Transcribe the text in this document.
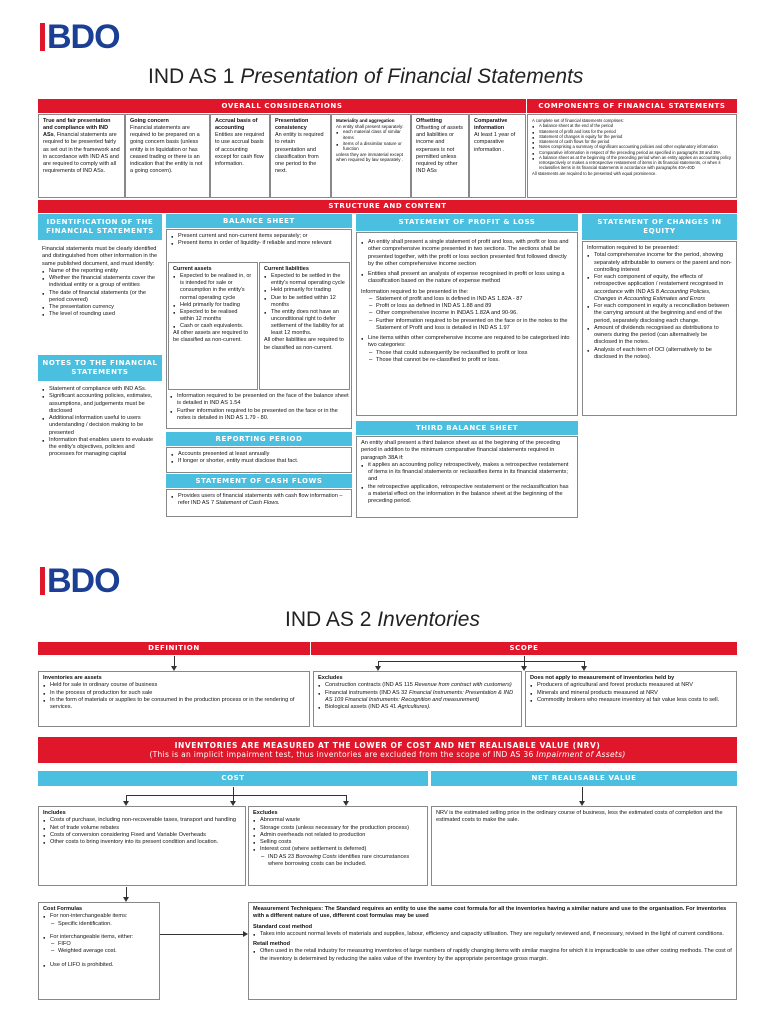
BDO
IND AS 1 Presentation of Financial Statements
OVERALL CONSIDERATIONS	COMPONENTS OF FINANCIAL STATEMENTS
True and fair presentation and compliance with IND ASs, Financial statements are required to be presented fairly as set out in the framework and in accordance with IND AS and are required to comply with all requirements of IND ASs.
Going concern
Financial statements are required to be prepared on a going concern basis (unless entity is in liquidation or has ceased trading or there is an indication that the entity is not a going concern).
Accrual basis of accounting
Entities are required to use accrual basis of accounting except for cash flow information.
Presentation consistency
An entity is required to retain presentation and classification from one period to the next.
Materiality and aggregation
An entity shall present separately:
● each material class of similar items
● items of a dissimilar nature or function
unless they are immaterial except when required by law separately .
Offsetting
Offsetting of assets and liabilities or income and expenses is not permitted unless required by other IND ASs
Comparative information
At least 1 year of comparative information .
A complete set of financial statements comprises:
● A balance sheet at the end of the period
● Statement of profit and loss for the period
● Statement of changes in equity for the period
● Statement of cash flows for the period
● Notes comprising a summary of significant accounting policies and other explanatory information
● Comparative information in respect of the preceding period as specified in paragraphs 38 and 38A
● A balance sheet as at the beginning of the preceding period when an entity applies an accounting policy retrospectively or makes a retrospective restatement of items in its financial statements, or when it reclassifies items in its financial statements in accordance with paragraphs 40A-40D
All statements are required to be presented with equal prominence.
STRUCTURE AND CONTENT
IDENTIFICATION OF THE FINANCIAL STATEMENTS
Financial statements must be clearly identified and distinguished from other information in the same published document, and must identify:
● Name of the reporting entity
● Whether the financial statements cover the individual entity or a group of entities
● The date of financial statements (or the period covered)
● The presentation currency
● The level of rounding used
NOTES TO THE FINANCIAL STATEMENTS
● Statement of compliance with IND ASs.
● Significant accounting policies, estimates, assumptions, and judgements must be disclosed
● Additional information useful to users understanding / decision making to be presented
● Information that enables users to evaluate the entity's objectives, policies and processes for managing capital
BALANCE SHEET
● Present current and non-current items separately; or
● Present items in order of liquidity- if reliable and more relevant
Current assets
● Expected to be realised in, or is intended for sale or consumption in the entity's normal operating cycle
● Held primarily for trading
● Expected to be realised within 12 months
● Cash or cash equivalents.
All other assets are required to be classified as non-current.
Current liabilities
● Expected to be settled in the entity's normal operating cycle
● Held primarily for trading
● Due to be settled within 12 months
● The entity does not have an unconditional right to defer settlement of the liability for at least 12 months.
All other liabilities are required to be classified as non-current.
● Information required to be presented on the face of the balance sheet is detailed in IND AS 1.54
● Further information required to be presented on the face or in the notes is detailed in IND AS 1.79 - 80.
REPORTING PERIOD
● Accounts presented at least annually
● If longer or shorter, entity must disclose that fact.
STATEMENT OF CASH FLOWS
● Provides users of financial statements with cash flow information – refer IND AS 7 Statement of Cash Flows.
STATEMENT OF PROFIT & LOSS
● An entity shall present a single statement of profit and loss, with profit or loss and other comprehensive income presented in two sections. The sections shall be presented together, with the profit or loss section presented first followed directly by the other comprehensive income section
● Entities shall present an analysis of expense recognised in profit or loss using a classification based on the nature of expense method
Information required to be presented in the:
– Statement of profit and loss is defined in IND AS 1.82A - 87
– Profit or loss as defined in IND AS 1.88 and 89
– Other comprehensive income in INDAS 1.82A and 90-96.
– Further information required to be presented on the face or in the notes to the Statement of Profit and loss is detailed in IND AS 1.97
● Line items within other comprehensive income are required to be categorised into two categories:
– Those that could subsequently be reclassified to profit or loss
– Those that cannot be re-classified to profit or loss.
THIRD BALANCE SHEET
An entity shall present a third balance sheet as at the beginning of the preceding period in addition to the minimum comparative financial statements required in paragraph 38A if:
● it applies an accounting policy retrospectively, makes a retrospective restatement of items in its financial statements or reclassifies items in its financial statements; and
● the retrospective application, retrospective restatement or the reclassification has a material effect on the information in the balance sheet at the beginning of the preceding period.
STATEMENT OF CHANGES IN EQUITY
Information required to be presented:
● Total comprehensive income for the period, showing separately attributable to owners or the parent and non-controlling interest
● For each component of equity, the effects of retrospective application / restatement recognised in accordance with IND AS 8 Accounting Policies, Changes in Accounting Estimates and Errors
● For each component in equity a reconciliation between the carrying amount at the beginning and end of the period, separately disclosing each change.
● Amount of dividends recognised as distributions to owners during the period (can alternatively be disclosed in the notes.
● Analysis of each item of OCI (alternatively to be disclosed in the notes).
BDO
IND AS 2 Inventories
DEFINITION	SCOPE
Inventories are assets
● Held for sale in ordinary course of business
● In the process of production for such sale
● In the form of materials or supplies to be consumed in the production process or in the rendering of services.
Excludes
● Construction contracts (IND AS 115 Revenue from contract with customers)
● Financial instruments (IND AS 32 Financial Instruments: Presentation & IND AS 109 Financial Instruments: Recognition and measurement)
● Biological assets (IND AS 41 Agricultures).
Does not apply to measurement of inventories held by
● Producers of agricultural and forest products measured at NRV
● Minerals and mineral products measured at NRV
● Commodity brokers who measure inventory at fair value less costs to sell.
INVENTORIES ARE MEASURED AT THE LOWER OF COST AND NET REALISABLE VALUE (NRV)
(This is an implicit impairment test, thus inventories are excluded from the scope of IND AS 36 Impairment of Assets)
COST	NET REALISABLE VALUE
Includes
● Costs of purchase, including non-recoverable taxes, transport and handling
● Net of trade volume rebates
● Costs of conversion considering Fixed and Variable Overheads
● Other costs to bring inventory into its present condition and location.
Excludes
● Abnormal waste
● Storage costs (unless necessary for the production process)
● Admin overheads not related to production
● Selling costs
● Interest cost (where settlement is deferred)
– IND AS 23 Borrowing Costs identifies rare circumstances where borrowing costs can be included.
NRV is the estimated selling price in the ordinary course of business, less the estimated costs of completion and the estimated costs to make the sale.
Cost Formulas
● For non-interchangeable items:
– Specific identification.
● For interchangeable items, either:
– FIFO
– Weighted average cost.
● Use of LIFO is prohibited.
Measurement Techniques: The Standard requires an entity to use the same cost formula for all the inventories having a similar nature and use to the organisation. For inventories with a different nature of use, different cost formulas may be used
Standard cost method
● Takes into account normal levels of materials and supplies, labour, efficiency and capacity utilisation. They are regularly reviewed and, if necessary, revised in the light of current conditions.
Retail method
● Often used in the retail industry for measuring inventories of large numbers of rapidly changing items with similar margins for which it is impracticable to use other costing methods. The cost of the inventory is determined by reducing the sales value of the inventory by the appropriate percentage gross margin.
